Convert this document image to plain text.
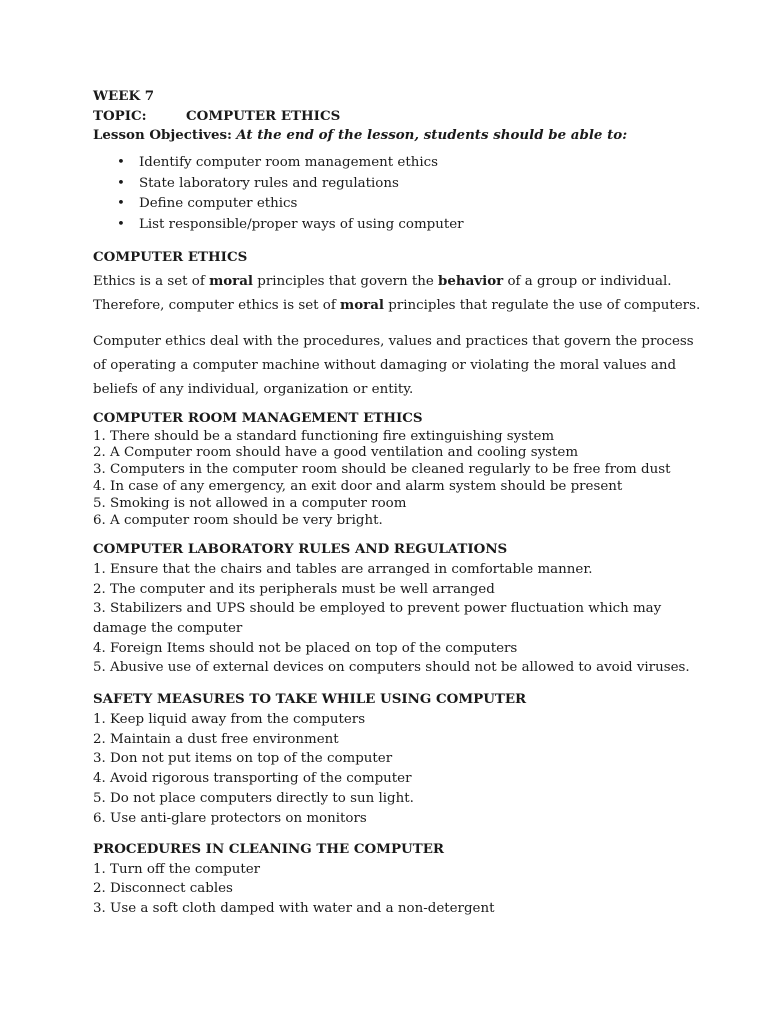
WEEK 7
TOPIC:	COMPUTER ETHICS
Lesson Objectives: At the end of the lesson, students should be able to:
• Identify computer room management ethics
• State laboratory rules and regulations
• Define computer ethics
• List responsible/proper ways of using computer
COMPUTER ETHICS
Ethics is a set of moral principles that govern the behavior of a group or individual.
Therefore, computer ethics is set of moral principles that regulate the use of computers.
Computer ethics deal with the procedures, values and practices that govern the process
of operating a computer machine without damaging or violating the moral values and
beliefs of any individual, organization or entity.
COMPUTER ROOM MANAGEMENT ETHICS
1. There should be a standard functioning fire extinguishing system
2. A Computer room should have a good ventilation and cooling system
3. Computers in the computer room should be cleaned regularly to be free from dust
4. In case of any emergency, an exit door and alarm system should be present
5. Smoking is not allowed in a computer room
6. A computer room should be very bright.
COMPUTER LABORATORY RULES AND REGULATIONS
1. Ensure that the chairs and tables are arranged in comfortable manner.
2. The computer and its peripherals must be well arranged
3. Stabilizers and UPS should be employed to prevent power fluctuation which may
damage the computer
4. Foreign Items should not be placed on top of the computers
5. Abusive use of external devices on computers should not be allowed to avoid viruses.
SAFETY MEASURES TO TAKE WHILE USING COMPUTER
1. Keep liquid away from the computers
2. Maintain a dust free environment
3. Don not put items on top of the computer
4. Avoid rigorous transporting of the computer
5. Do not place computers directly to sun light.
6. Use anti-glare protectors on monitors
PROCEDURES IN CLEANING THE COMPUTER
1. Turn off the computer
2. Disconnect cables
3. Use a soft cloth damped with water and a non-detergent
